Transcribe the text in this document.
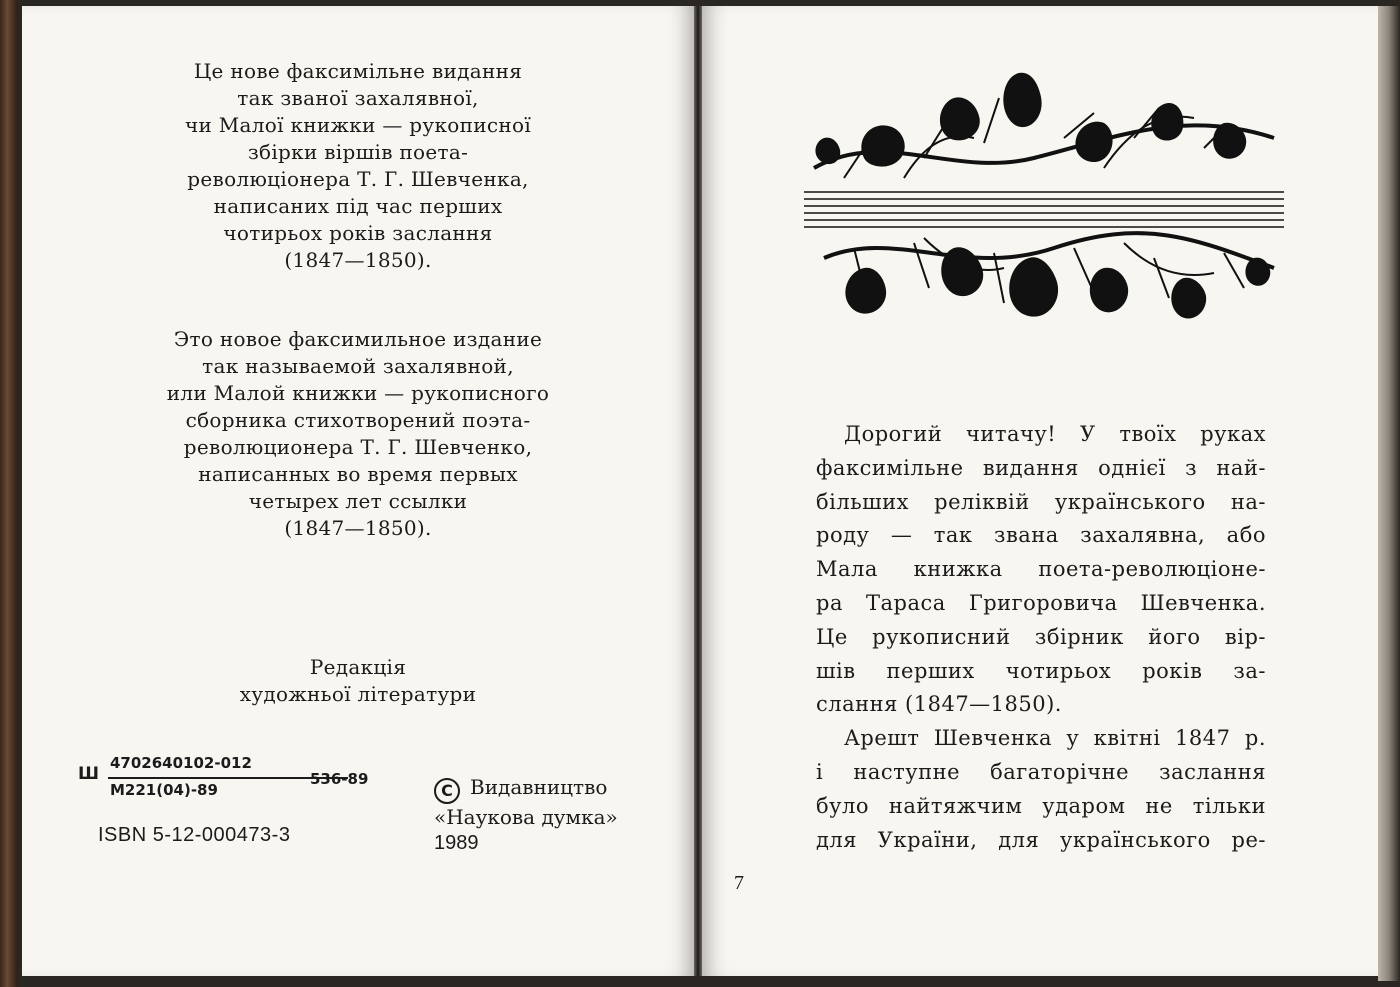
Це нове факсимільне видання
так званої захалявної,
чи Малої книжки — рукописної
збірки віршів поета-
революціонера Т. Г. Шевченка,
написаних під час перших
чотирьох років заслання
(1847—1850).
Это новое факсимильное издание
так называемой захалявной,
или Малой книжки — рукописного
сборника стихотворений поэта-
революционера Т. Г. Шевченко,
написанных во время первых
четырех лет ссылки
(1847—1850).
Редакція
художньої літератури
Ш
4702640102-012
M221(04)-89
536-89
ISBN 5-12-000473-3
C Видавництво
«Наукова думка»
1989
Дорогий читачу! У твоїх руках
факсимільне видання однієї з най-
більших реліквій українського на-
роду — так звана захалявна, або
Мала книжка поета-революціоне-
ра Тараса Григоровича Шевченка.
Це рукописний збірник його вір-
шів перших чотирьох років за-
слання (1847—1850).
Арешт Шевченка у квітні 1847 р.
і наступне багаторічне заслання
було найтяжчим ударом не тільки
для України, для українського ре-
7
